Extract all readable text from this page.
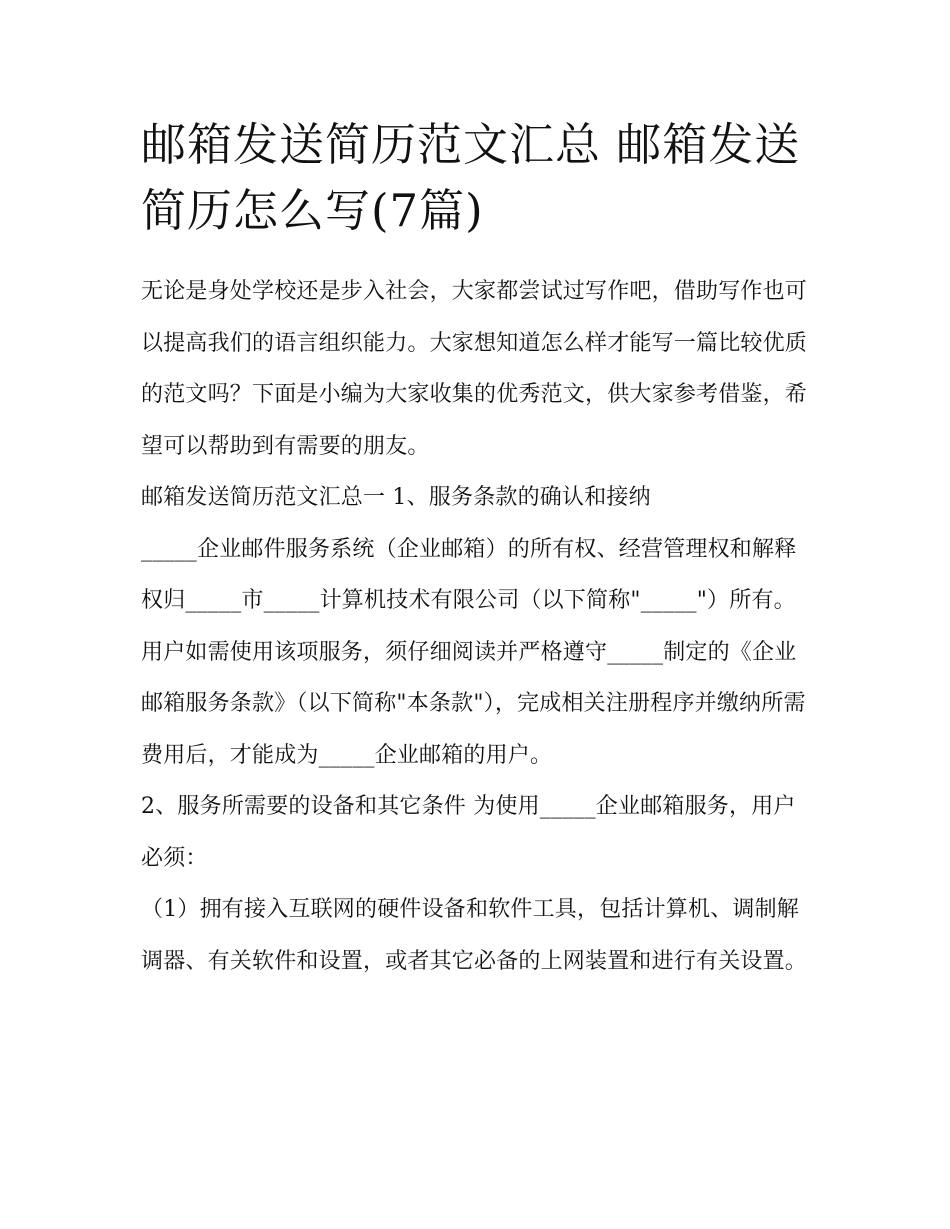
邮箱发送简历范文汇总 邮箱发送简历怎么写(7篇)

无论是身处学校还是步入社会，大家都尝试过写作吧，借助写作也可以提高我们的语言组织能力。大家想知道怎么样才能写一篇比较优质的范文吗？下面是小编为大家收集的优秀范文，供大家参考借鉴，希望可以帮助到有需要的朋友。

邮箱发送简历范文汇总一 1、服务条款的确认和接纳

_____企业邮件服务系统（企业邮箱）的所有权、经营管理权和解释权归_____市_____计算机技术有限公司（以下简称"_____"）所有。

用户如需使用该项服务，须仔细阅读并严格遵守_____制定的《企业邮箱服务条款》（以下简称"本条款"），完成相关注册程序并缴纳所需费用后，才能成为_____企业邮箱的用户。

2、服务所需要的设备和其它条件 为使用_____企业邮箱服务，用户必须：

（1）拥有接入互联网的硬件设备和软件工具，包括计算机、调制解调器、有关软件和设置，或者其它必备的上网装置和进行有关设置。
